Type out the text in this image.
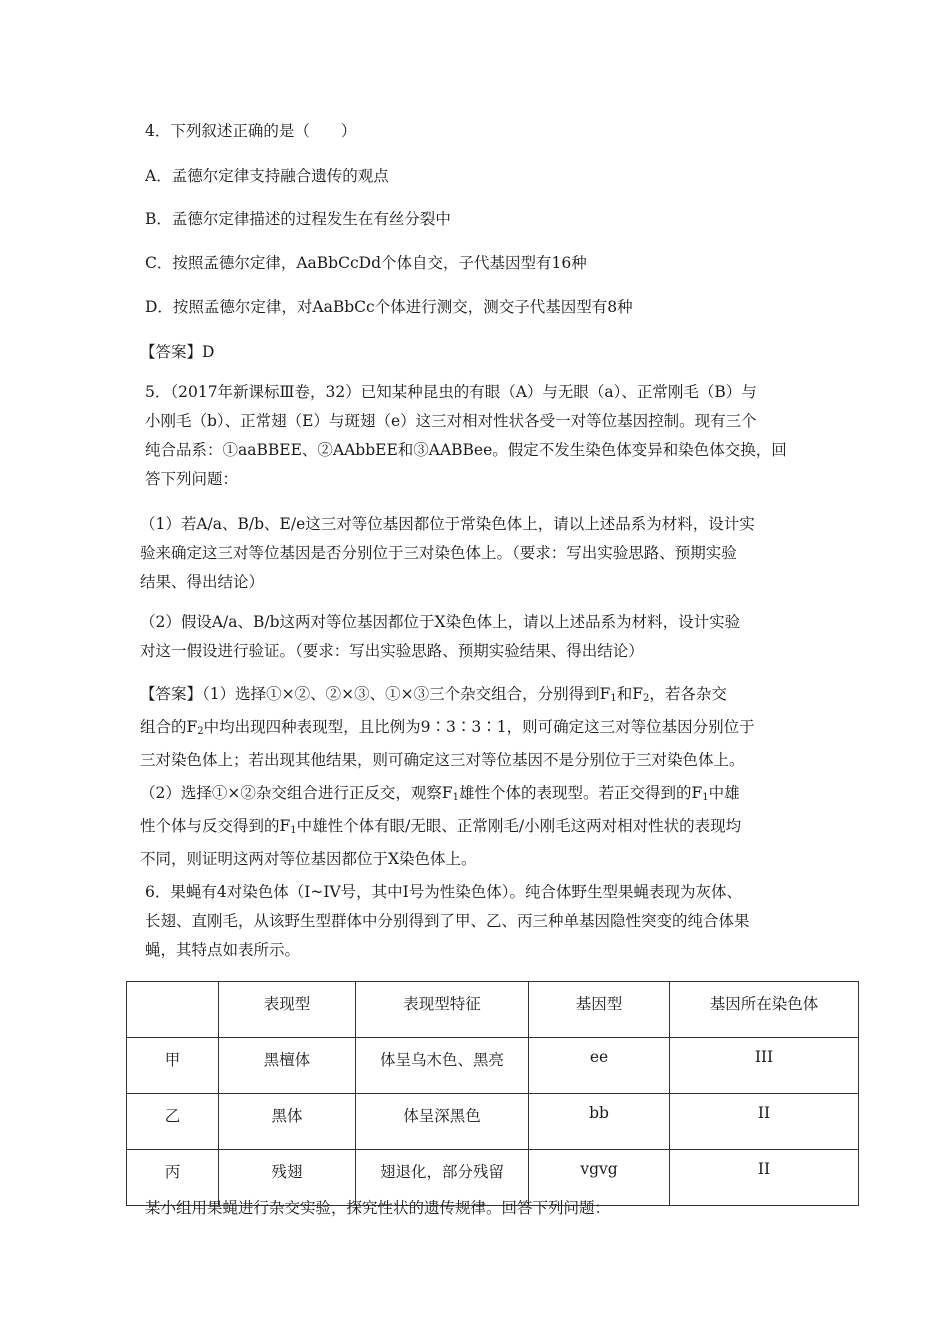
4．下列叙述正确的是（　　）
A．孟德尔定律支持融合遗传的观点
B．孟德尔定律描述的过程发生在有丝分裂中
C．按照孟德尔定律，AaBbCcDd个体自交，子代基因型有16种
D．按照孟德尔定律，对AaBbCc个体进行测交，测交子代基因型有8种
【答案】D
5．（2017年新课标Ⅲ卷，32）已知某种昆虫的有眼（A）与无眼（a）、正常刚毛（B）与
小刚毛（b）、正常翅（E）与斑翅（e）这三对相对性状各受一对等位基因控制。现有三个
纯合品系：①aaBBEE、②AAbbEE和③AABBee。假定不发生染色体变异和染色体交换，回
答下列问题：
（1）若A/a、B/b、E/e这三对等位基因都位于常染色体上，请以上述品系为材料，设计实
验来确定这三对等位基因是否分别位于三对染色体上。（要求：写出实验思路、预期实验
结果、得出结论）
（2）假设A/a、B/b这两对等位基因都位于X染色体上，请以上述品系为材料，设计实验
对这一假设进行验证。（要求：写出实验思路、预期实验结果、得出结论）
【答案】（1）选择①×②、②×③、①×③三个杂交组合，分别得到$F_1$和$F_2$，若各杂交
组合的$F_2$中均出现四种表现型，且比例为9∶3∶3∶1，则可确定这三对等位基因分别位于
三对染色体上；若出现其他结果，则可确定这三对等位基因不是分别位于三对染色体上。
（2）选择①×②杂交组合进行正反交，观察$F_1$雄性个体的表现型。若正交得到的$F_1$中雄
性个体与反交得到的$F_1$中雄性个体有眼/无眼、正常刚毛/小刚毛这两对相对性状的表现均
不同，则证明这两对等位基因都位于X染色体上。
6．果蝇有4对染色体（I~IV号，其中I号为性染色体）。纯合体野生型果蝇表现为灰体、
长翅、直刚毛，从该野生型群体中分别得到了甲、乙、丙三种单基因隐性突变的纯合体果
蝇，其特点如表所示。
	表现型	表现型特征	基因型	基因所在染色体
甲	黑檀体	体呈乌木色、黑亮	ee	III
乙	黑体	体呈深黑色	bb	II
丙	残翅	翅退化，部分残留	vgvg	II
某小组用果蝇进行杂交实验，探究性状的遗传规律。回答下列问题：
